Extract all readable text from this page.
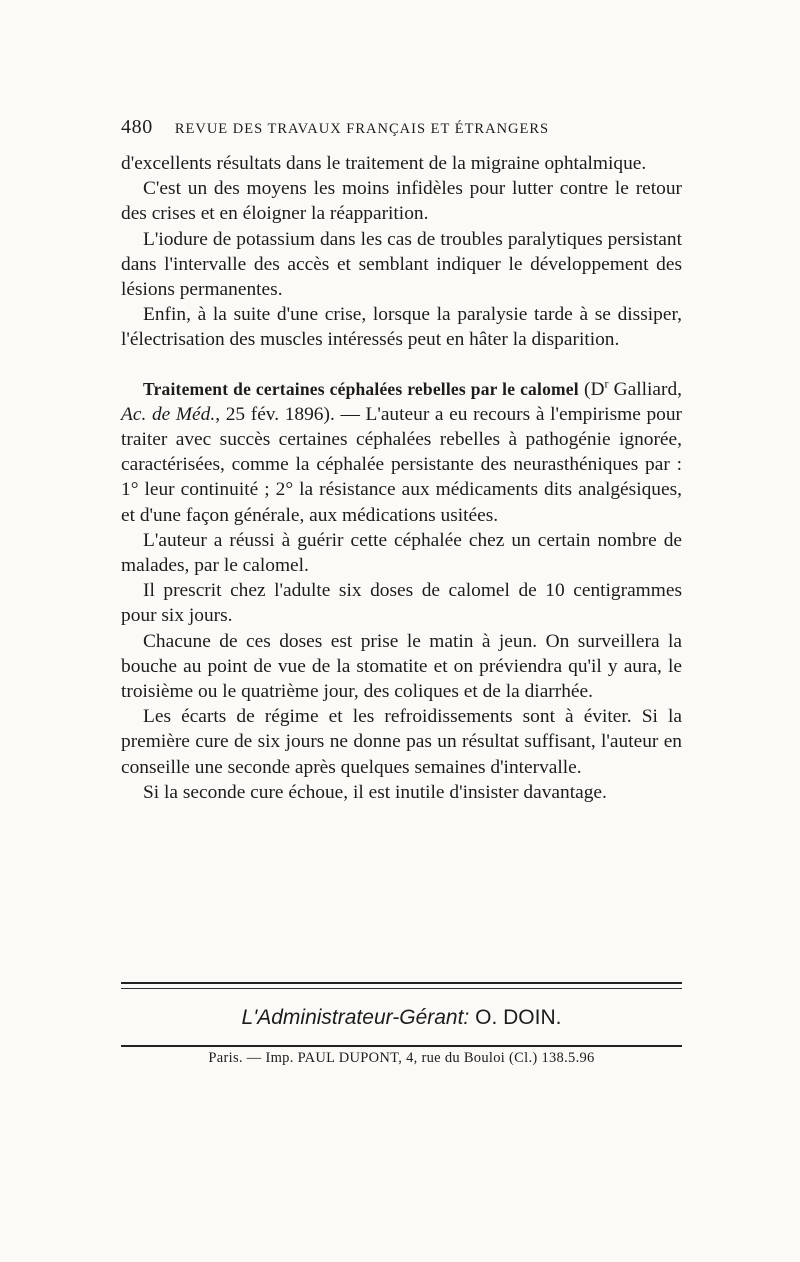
480 REVUE DES TRAVAUX FRANÇAIS ET ÉTRANGERS

d'excellents résultats dans le traitement de la migraine ophtalmique.

C'est un des moyens les moins infidèles pour lutter contre le retour des crises et en éloigner la réapparition.

L'iodure de potassium dans les cas de troubles paralytiques persistant dans l'intervalle des accès et semblant indiquer le développement des lésions permanentes.

Enfin, à la suite d'une crise, lorsque la paralysie tarde à se dissiper, l'électrisation des muscles intéressés peut en hâter la disparition.

Traitement de certaines céphalées rebelles par le calomel ($D^r$ Galliard, Ac. de Méd., 25 fév. 1896). — L'auteur a eu recours à l'empirisme pour traiter avec succès certaines céphalées rebelles à pathogénie ignorée, caractérisées, comme la céphalée persistante des neurasthéniques par : 1° leur continuité ; 2° la résistance aux médicaments dits analgésiques, et d'une façon générale, aux médications usitées.

L'auteur a réussi à guérir cette céphalée chez un certain nombre de malades, par le calomel.

Il prescrit chez l'adulte six doses de calomel de 10 centigrammes pour six jours.

Chacune de ces doses est prise le matin à jeun. On surveillera la bouche au point de vue de la stomatite et on préviendra qu'il y aura, le troisième ou le quatrième jour, des coliques et de la diarrhée.

Les écarts de régime et les refroidissements sont à éviter. Si la première cure de six jours ne donne pas un résultat suffisant, l'auteur en conseille une seconde après quelques semaines d'intervalle.

Si la seconde cure échoue, il est inutile d'insister davantage.

L'Administrateur-Gérant: O. DOIN.
Paris. — Imp. PAUL DUPONT, 4, rue du Bouloi (Cl.) 138.5.96
